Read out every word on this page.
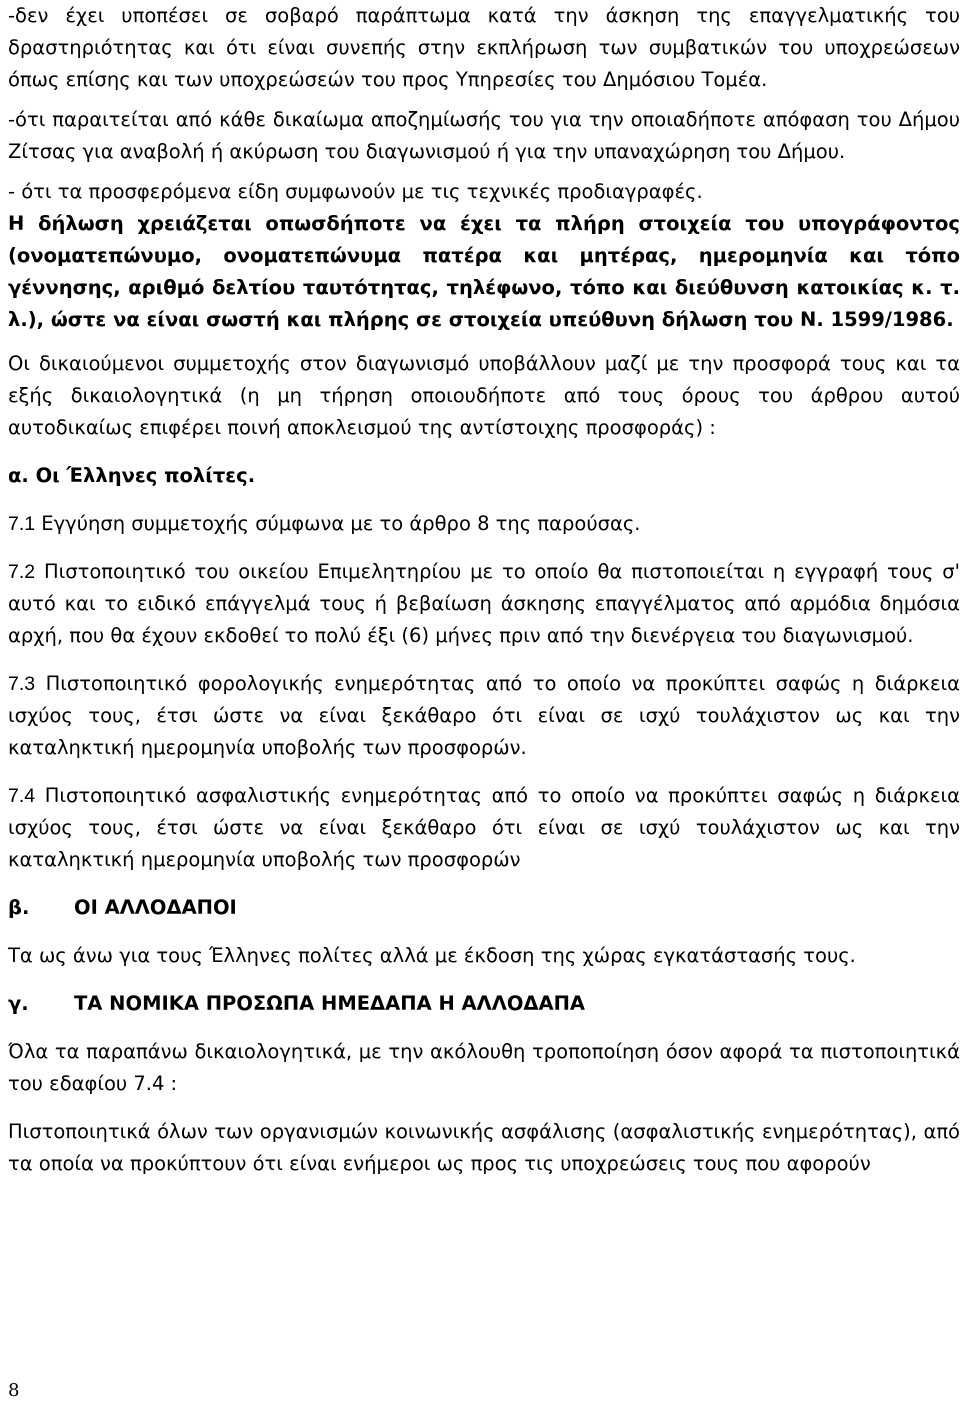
-δεν έχει υποπέσει σε σοβαρό παράπτωμα κατά την άσκηση της επαγγελματικής του δραστηριότητας και ότι είναι συνεπής στην εκπλήρωση των συμβατικών του υποχρεώσεων όπως επίσης και των υποχρεώσεών του προς Υπηρεσίες του Δημόσιου Τομέα.

-ότι παραιτείται από κάθε δικαίωμα αποζημίωσής του για την οποιαδήποτε απόφαση του Δήμου Ζίτσας για αναβολή ή ακύρωση του διαγωνισμού ή για την υπαναχώρηση του Δήμου.

- ότι τα προσφερόμενα είδη συμφωνούν με τις τεχνικές προδιαγραφές.

Η δήλωση χρειάζεται οπωσδήποτε να έχει τα πλήρη στοιχεία του υπογράφοντος (ονοματεπώνυμο, ονοματεπώνυμα πατέρα και μητέρας, ημερομηνία και τόπο γέννησης, αριθμό δελτίου ταυτότητας, τηλέφωνο, τόπο και διεύθυνση κατοικίας κ. τ. λ.), ώστε να είναι σωστή και πλήρης σε στοιχεία υπεύθυνη δήλωση του Ν. 1599/1986.

Οι δικαιούμενοι συμμετοχής στον διαγωνισμό υποβάλλουν μαζί με την προσφορά τους και τα εξής δικαιολογητικά (η μη τήρηση οποιουδήποτε από τους όρους του άρθρου αυτού αυτοδικαίως επιφέρει ποινή αποκλεισμού της αντίστοιχης προσφοράς) :

α. Οι Έλληνες πολίτες.

7.1 Εγγύηση συμμετοχής σύμφωνα με το άρθρο 8 της παρούσας.

7.2 Πιστοποιητικό του οικείου Επιμελητηρίου με το οποίο θα πιστοποιείται η εγγραφή τους σ' αυτό και το ειδικό επάγγελμά τους ή βεβαίωση άσκησης επαγγέλματος από αρμόδια δημόσια αρχή, που θα έχουν εκδοθεί το πολύ έξι (6) μήνες πριν από την διενέργεια του διαγωνισμού.

7.3 Πιστοποιητικό φορολογικής ενημερότητας από το οποίο να προκύπτει σαφώς η διάρκεια ισχύος τους, έτσι ώστε να είναι ξεκάθαρο ότι είναι σε ισχύ τουλάχιστον ως και την καταληκτική ημερομηνία υποβολής των προσφορών.

7.4 Πιστοποιητικό ασφαλιστικής ενημερότητας από το οποίο να προκύπτει σαφώς η διάρκεια ισχύος τους, έτσι ώστε να είναι ξεκάθαρο ότι είναι σε ισχύ τουλάχιστον ως και την καταληκτική ημερομηνία υποβολής των προσφορών

β.	ΟΙ ΑΛΛΟΔΑΠΟΙ

Τα ως άνω για τους Έλληνες πολίτες αλλά με έκδοση της χώρας εγκατάστασής τους.

γ.	ΤΑ ΝΟΜΙΚΑ ΠΡΟΣΩΠΑ ΗΜΕΔΑΠΑ Η ΑΛΛΟΔΑΠΑ

Όλα τα παραπάνω δικαιολογητικά, με την ακόλουθη τροποποίηση όσον αφορά τα πιστοποιητικά του εδαφίου 7.4 :

Πιστοποιητικά όλων των οργανισμών κοινωνικής ασφάλισης (ασφαλιστικής ενημερότητας), από τα οποία να προκύπτουν ότι είναι ενήμεροι ως προς τις υποχρεώσεις τους που αφορούν

8
